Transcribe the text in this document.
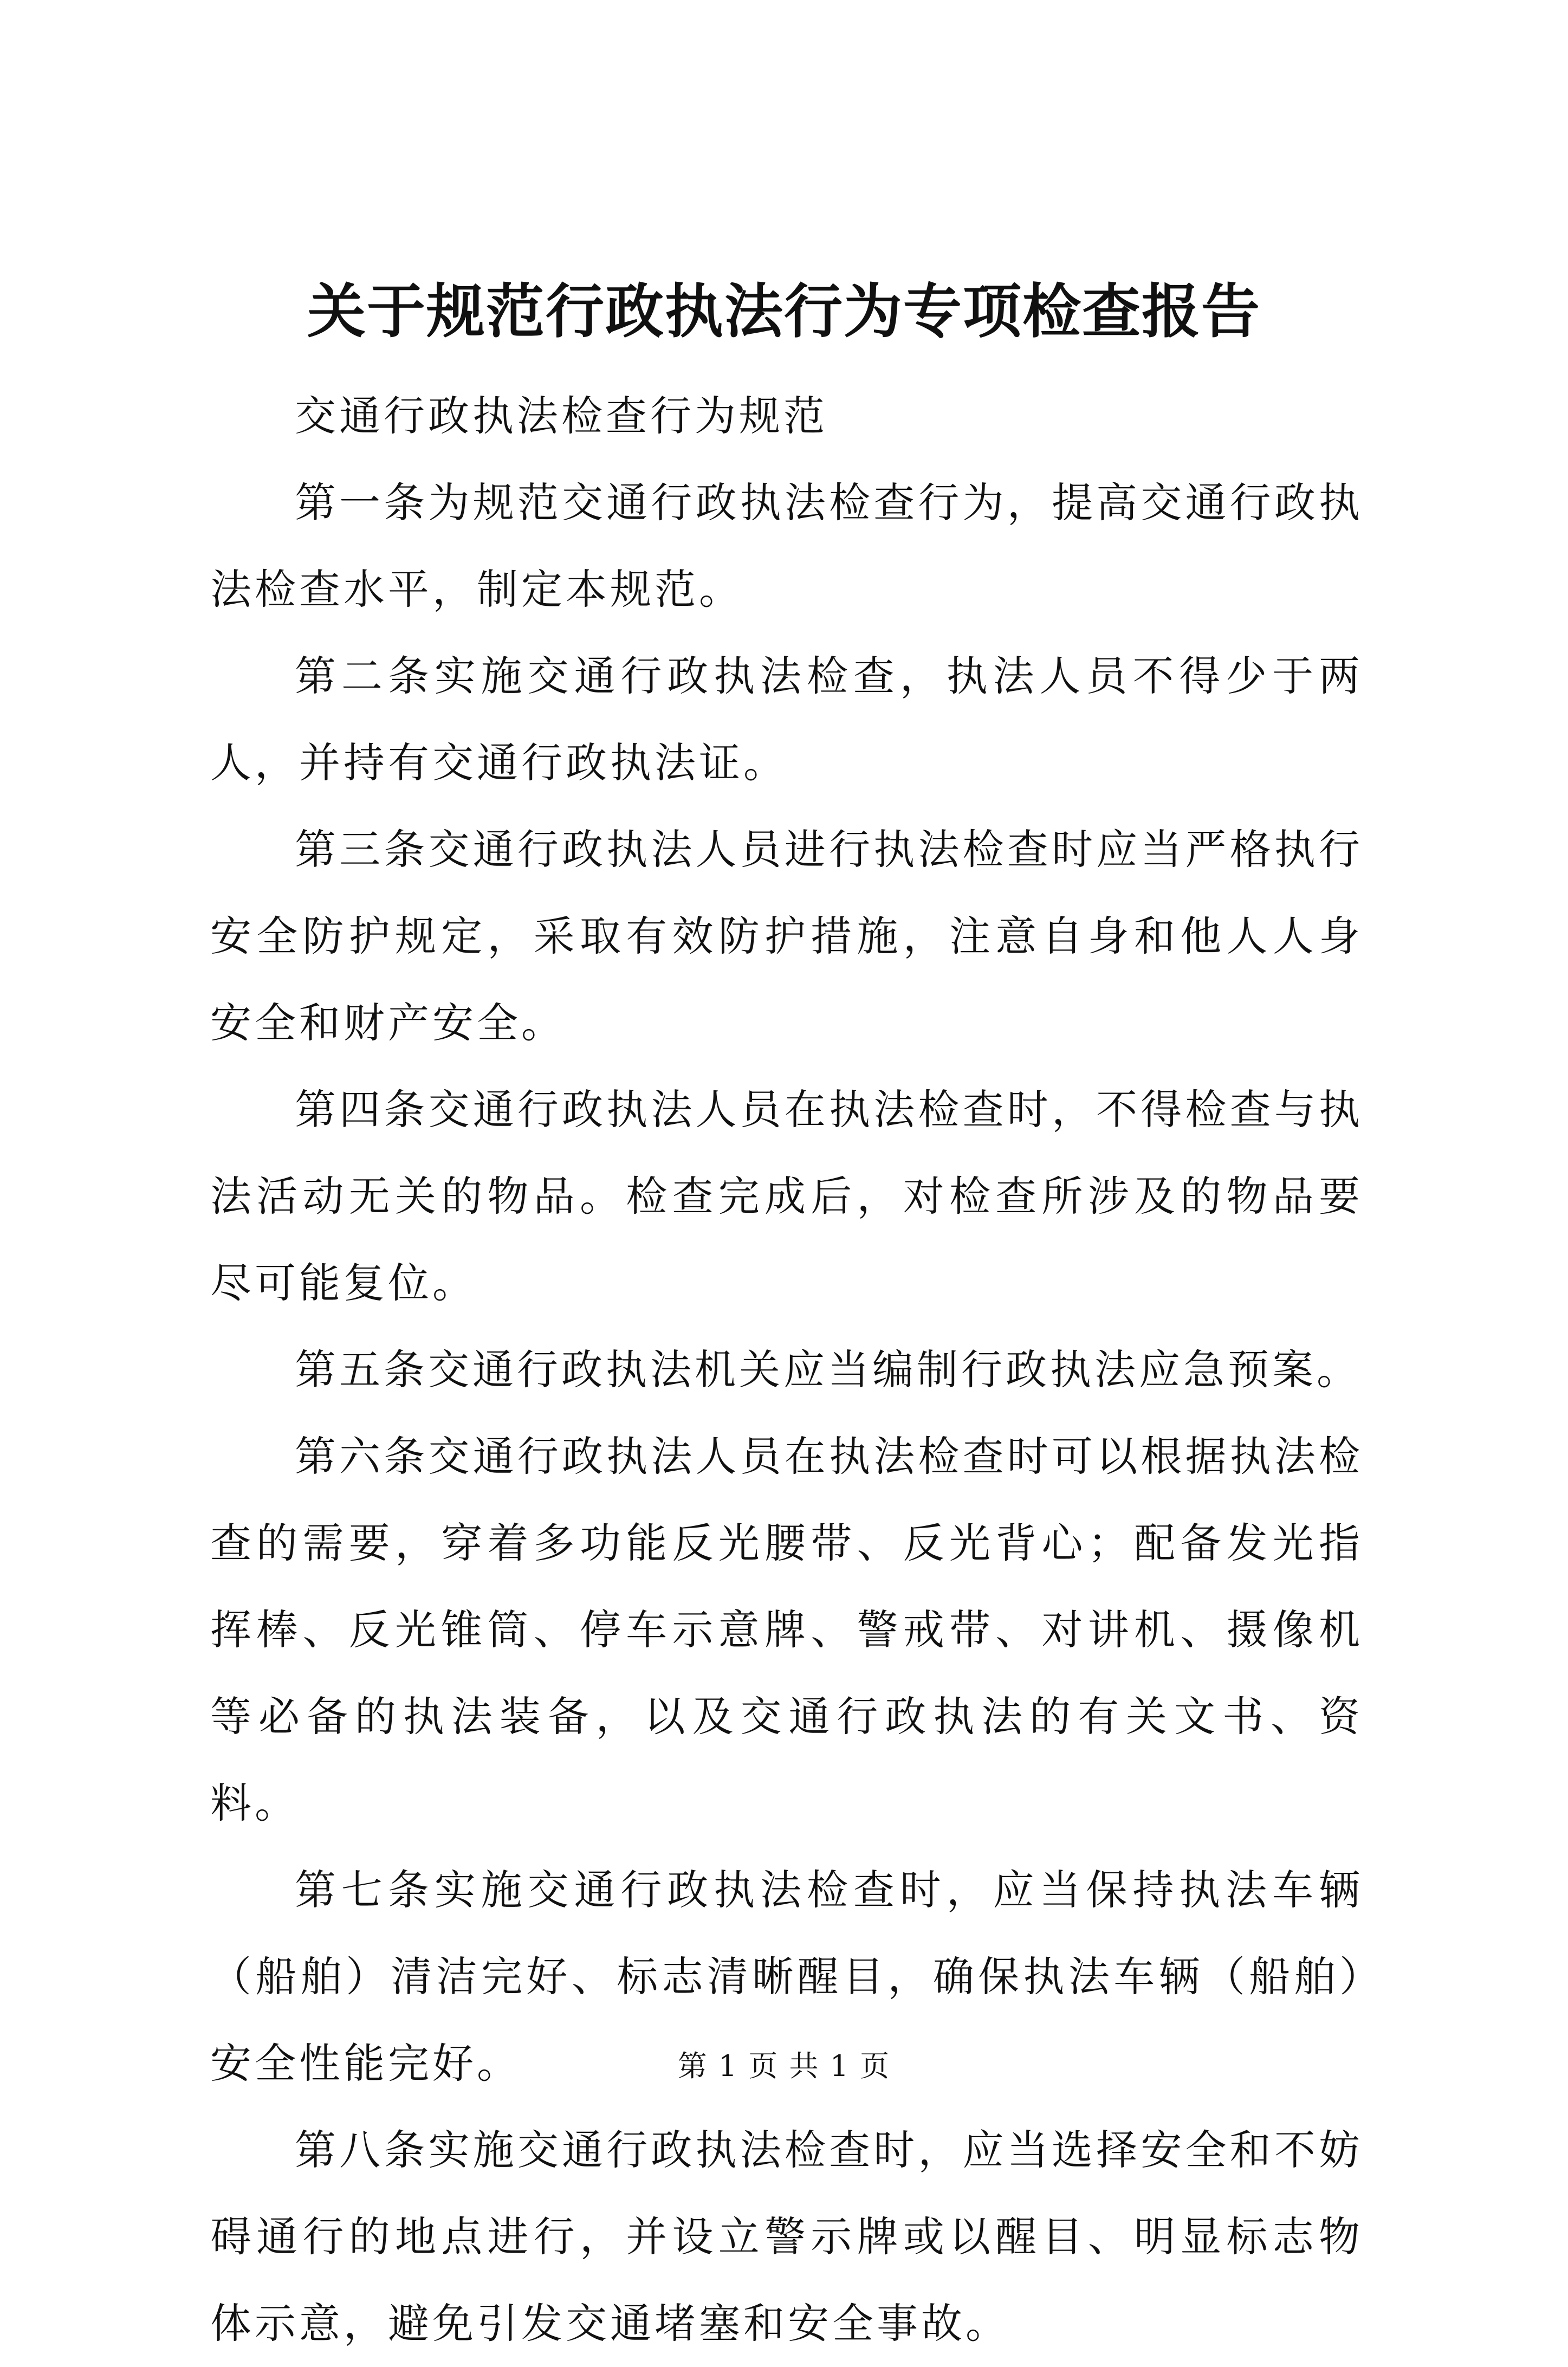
关于规范行政执法行为专项检查报告

交通行政执法检查行为规范

第一条为规范交通行政执法检查行为，提高交通行政执法检查水平，制定本规范。

第二条实施交通行政执法检查，执法人员不得少于两人，并持有交通行政执法证。

第三条交通行政执法人员进行执法检查时应当严格执行安全防护规定，采取有效防护措施，注意自身和他人人身安全和财产安全。

第四条交通行政执法人员在执法检查时，不得检查与执法活动无关的物品。检查完成后，对检查所涉及的物品要尽可能复位。

第五条交通行政执法机关应当编制行政执法应急预案。

第六条交通行政执法人员在执法检查时可以根据执法检查的需要，穿着多功能反光腰带、反光背心；配备发光指挥棒、反光锥筒、停车示意牌、警戒带、对讲机、摄像机等必备的执法装备，以及交通行政执法的有关文书、资料。

第七条实施交通行政执法检查时，应当保持执法车辆（船舶）清洁完好、标志清晰醒目，确保执法车辆（船舶）安全性能完好。

第八条实施交通行政执法检查时，应当选择安全和不妨碍通行的地点进行，并设立警示牌或以醒目、明显标志物体示意，避免引发交通堵塞和安全事故。

第 1 页 共 1 页
